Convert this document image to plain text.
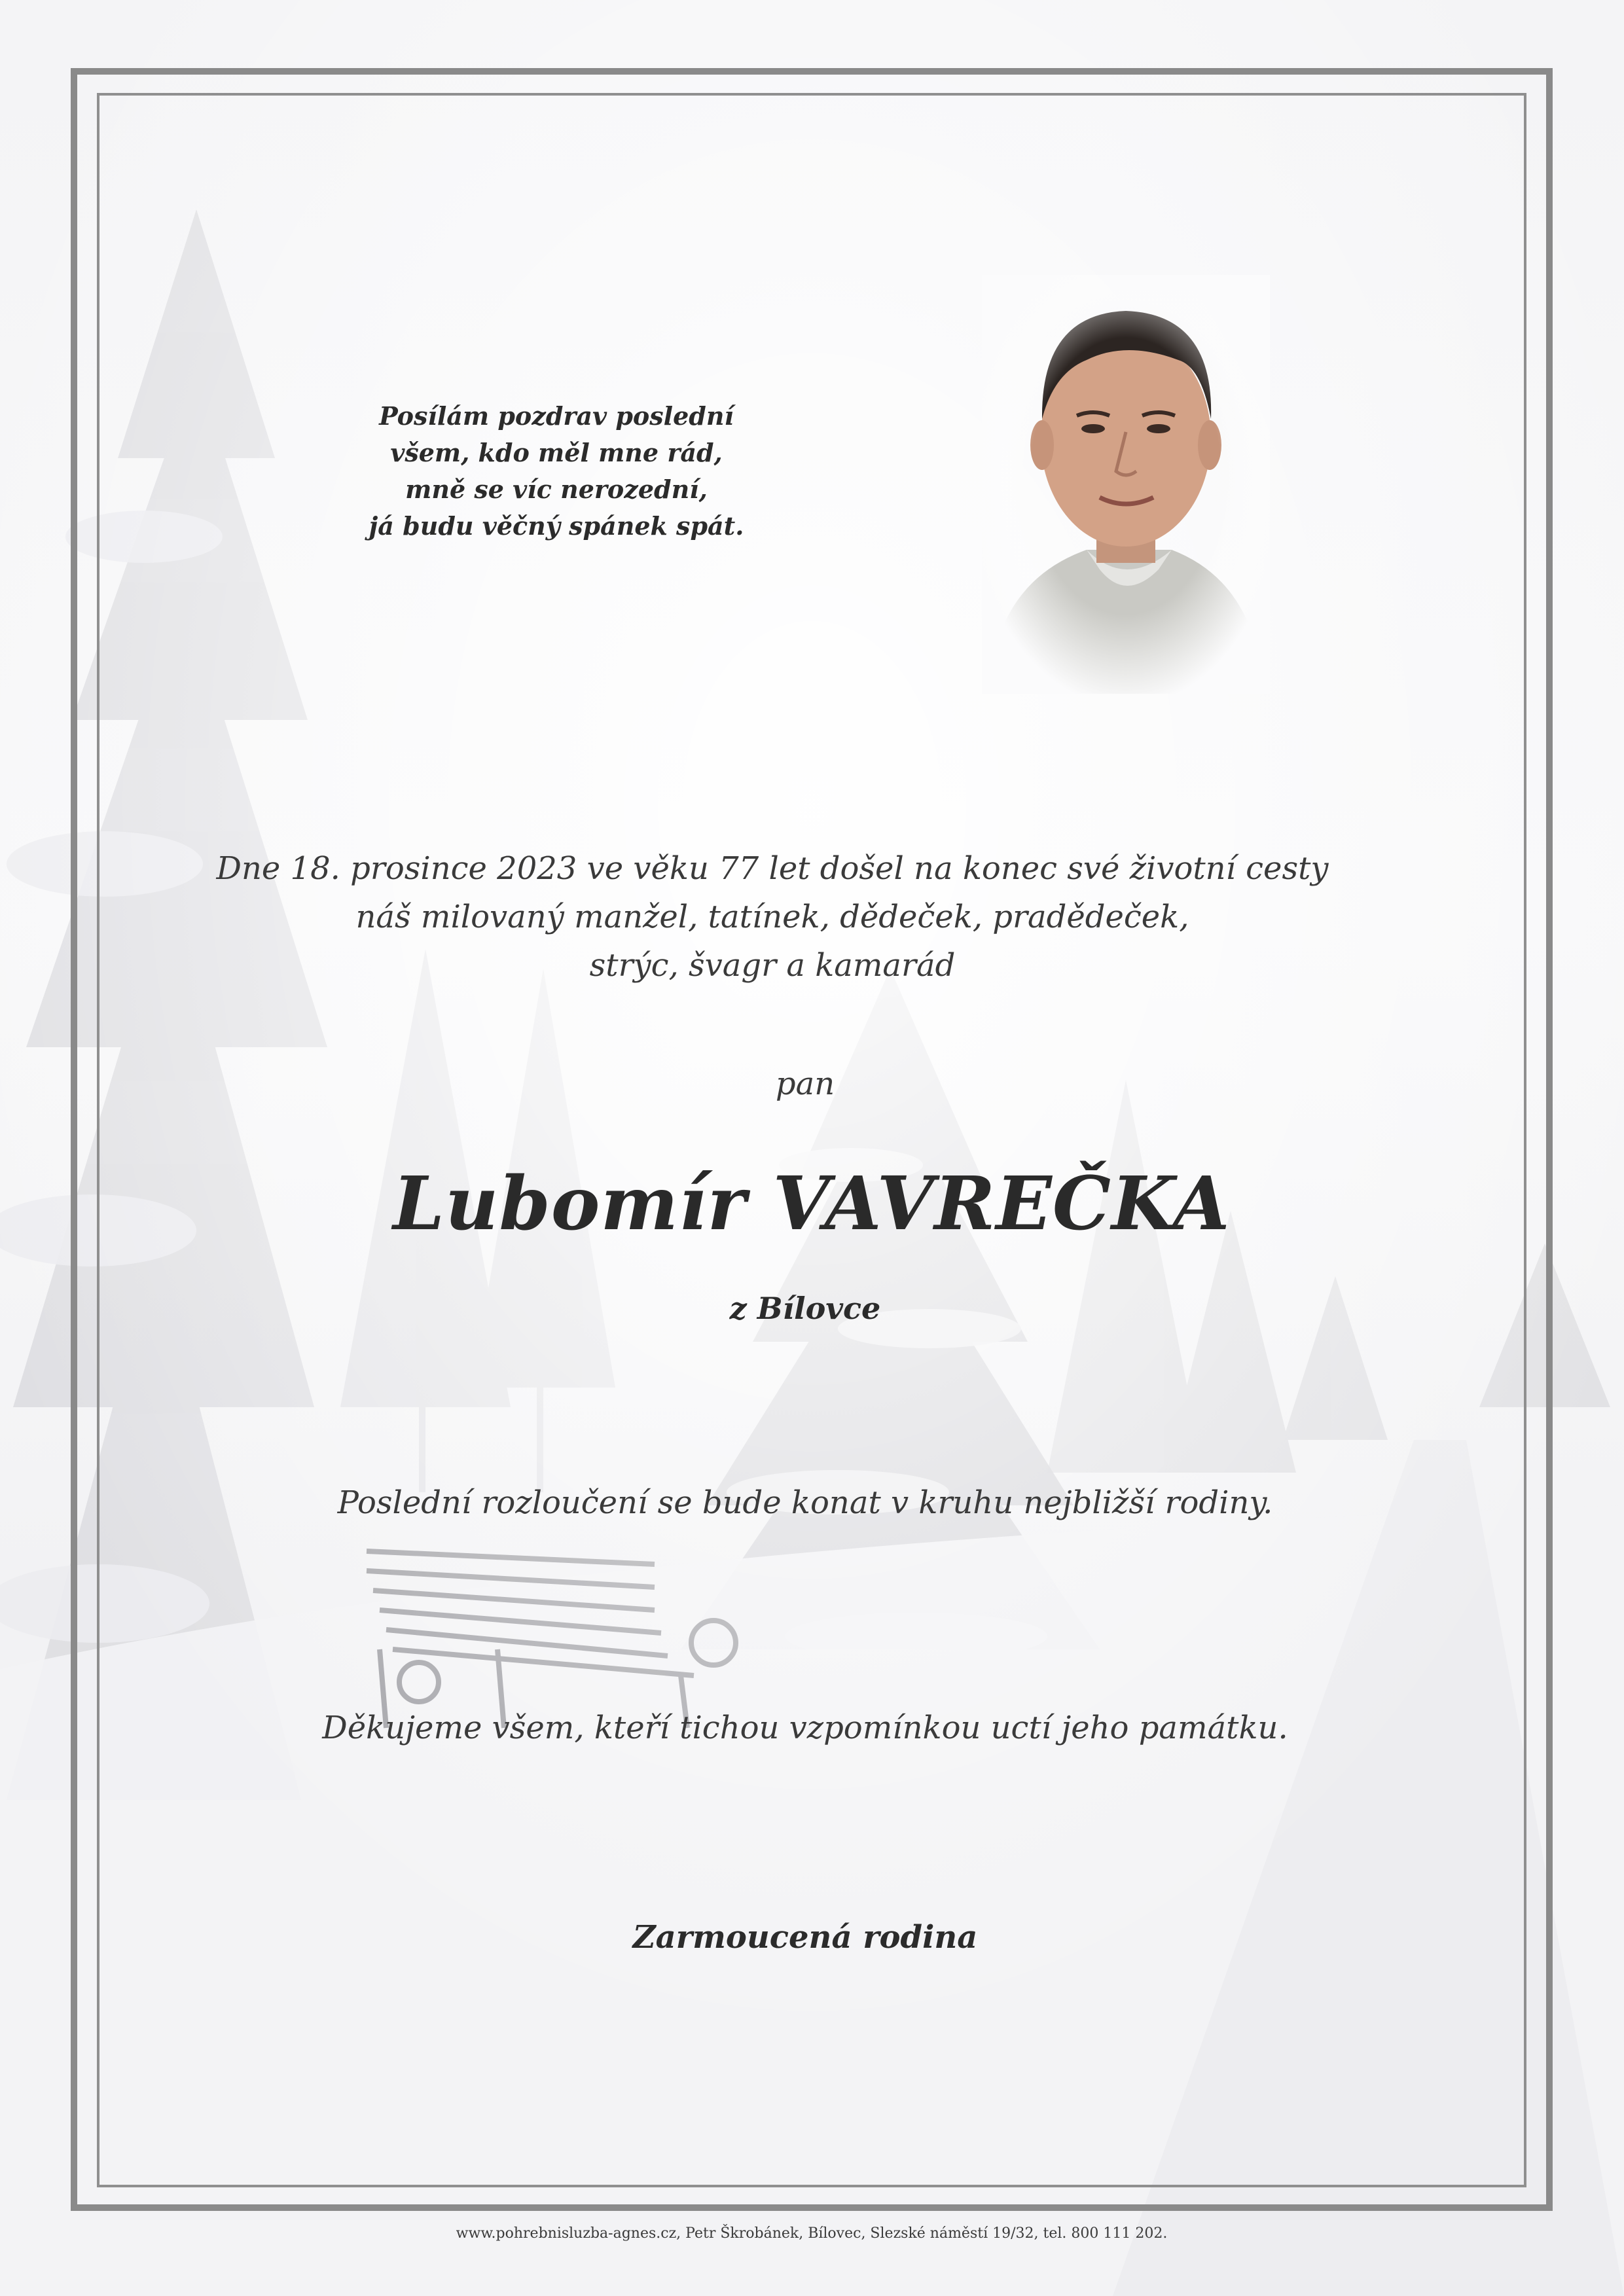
Posílám pozdrav poslední
všem, kdo měl mne rád,
mně se víc nerozední,
já budu věčný spánek spát.
Dne 18. prosince 2023 ve věku 77 let došel na konec své životní cesty
náš milovaný manžel, tatínek, dědeček, pradědeček,
strýc, švagr a kamarád
pan
Lubomír VAVREČKA
z Bílovce
Poslední rozloučení se bude konat v kruhu nejbližší rodiny.
Děkujeme všem, kteří tichou vzpomínkou uctí jeho památku.
Zarmoucená rodina
www.pohrebnisluzba-agnes.cz, Petr Škrobánek, Bílovec, Slezské náměstí 19/32, tel. 800 111 202.
